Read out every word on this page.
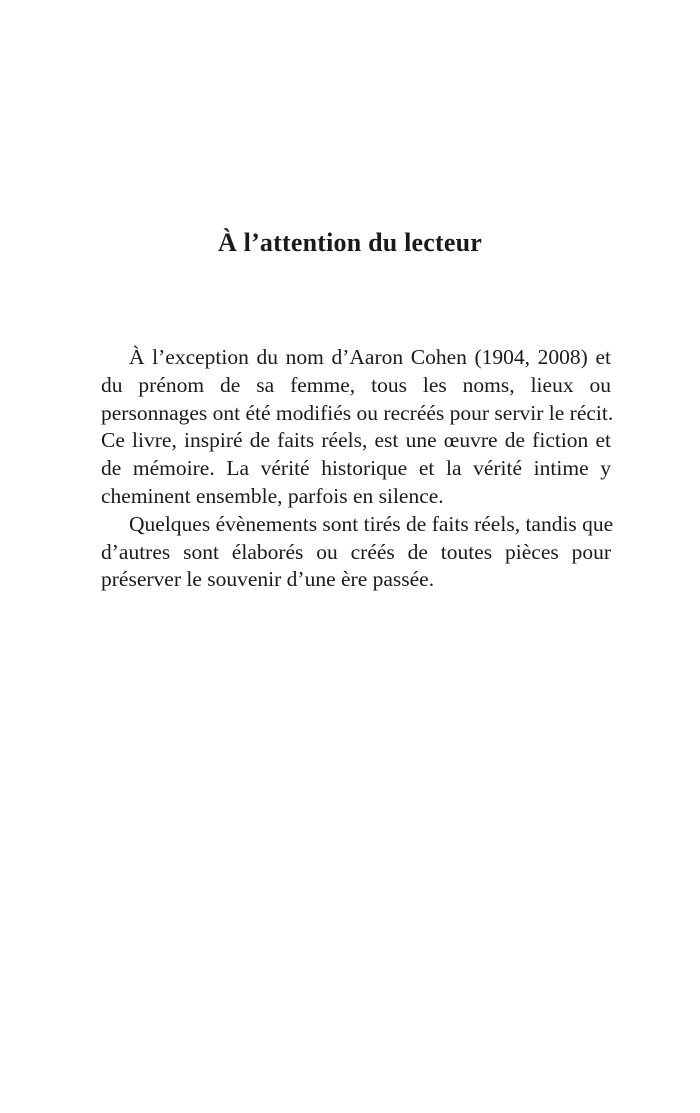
À l’attention du lecteur
À l’exception du nom d’Aaron Cohen (1904, 2008) et
du prénom de sa femme, tous les noms, lieux ou
personnages ont été modifiés ou recréés pour servir le récit.
Ce livre, inspiré de faits réels, est une œuvre de fiction et
de mémoire. La vérité historique et la vérité intime y
cheminent ensemble, parfois en silence.
Quelques évènements sont tirés de faits réels, tandis que
d’autres sont élaborés ou créés de toutes pièces pour
préserver le souvenir d’une ère passée.
